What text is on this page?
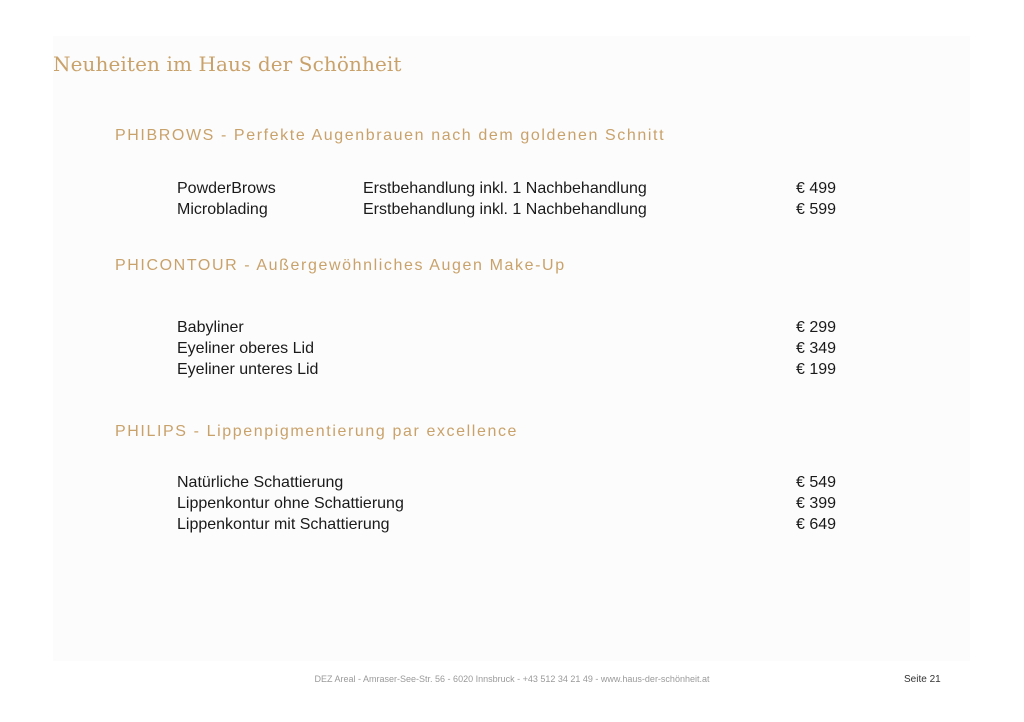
Neuheiten im Haus der Schönheit
PHIBROWS - Perfekte Augenbrauen nach dem goldenen Schnitt
PowderBrows	Erstbehandlung inkl. 1 Nachbehandlung	€ 499
Microblading	Erstbehandlung inkl. 1 Nachbehandlung	€ 599
PHICONTOUR - Außergewöhnliches Augen Make-Up
Babyliner	€ 299
Eyeliner oberes Lid	€ 349
Eyeliner unteres Lid	€ 199
PHILIPS - Lippenpigmentierung par excellence
Natürliche Schattierung	€ 549
Lippenkontur ohne Schattierung	€ 399
Lippenkontur mit Schattierung	€ 649
DEZ Areal - Amraser-See-Str. 56 - 6020 Innsbruck - +43 512 34 21 49 - www.haus-der-schönheit.at	Seite 21
